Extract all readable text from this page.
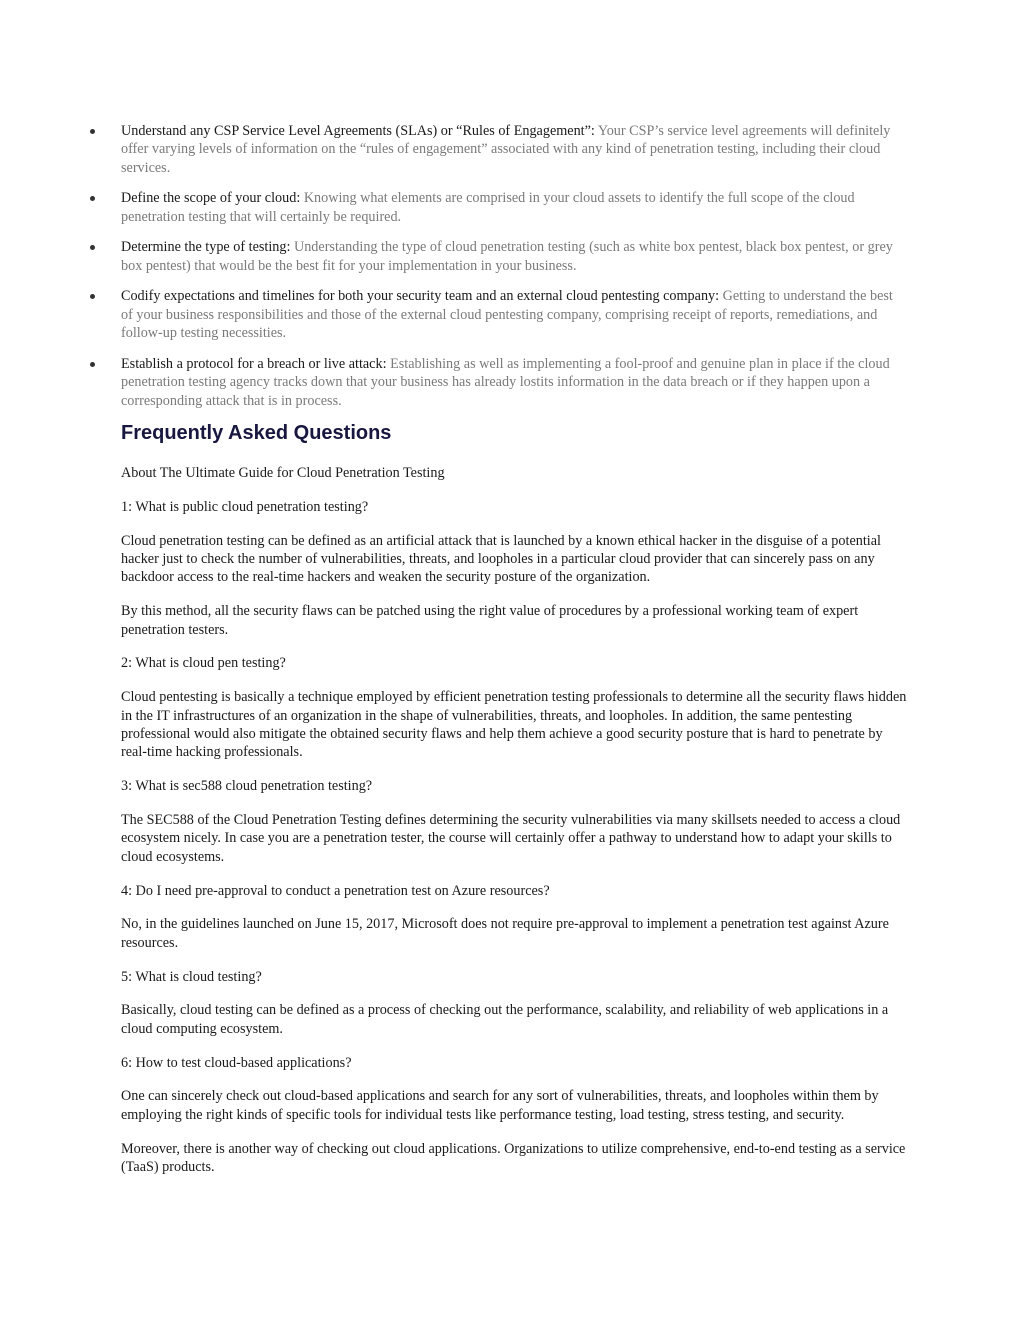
Understand any CSP Service Level Agreements (SLAs) or “Rules of Engagement”: Your CSP’s service level agreements will definitely offer varying levels of information on the “rules of engagement” associated with any kind of penetration testing, including their cloud services.
Define the scope of your cloud: Knowing what elements are comprised in your cloud assets to identify the full scope of the cloud penetration testing that will certainly be required.
Determine the type of testing: Understanding the type of cloud penetration testing (such as white box pentest, black box pentest, or grey box pentest) that would be the best fit for your implementation in your business.
Codify expectations and timelines for both your security team and an external cloud pentesting company: Getting to understand the best of your business responsibilities and those of the external cloud pentesting company, comprising receipt of reports, remediations, and follow-up testing necessities.
Establish a protocol for a breach or live attack: Establishing as well as implementing a fool-proof and genuine plan in place if the cloud penetration testing agency tracks down that your business has already lostits information in the data breach or if they happen upon a corresponding attack that is in process.
Frequently Asked Questions

About The Ultimate Guide for Cloud Penetration Testing

1: What is public cloud penetration testing?

Cloud penetration testing can be defined as an artificial attack that is launched by a known ethical hacker in the disguise of a potential hacker just to check the number of vulnerabilities, threats, and loopholes in a particular cloud provider that can sincerely pass on any backdoor access to the real-time hackers and weaken the security posture of the organization.

By this method, all the security flaws can be patched using the right value of procedures by a professional working team of expert penetration testers.

2: What is cloud pen testing?

Cloud pentesting is basically a technique employed by efficient penetration testing professionals to determine all the security flaws hidden in the IT infrastructures of an organization in the shape of vulnerabilities, threats, and loopholes. In addition, the same pentesting professional would also mitigate the obtained security flaws and help them achieve a good security posture that is hard to penetrate by real-time hacking professionals.

3: What is sec588 cloud penetration testing?

The SEC588 of the Cloud Penetration Testing defines determining the security vulnerabilities via many skillsets needed to access a cloud ecosystem nicely. In case you are a penetration tester, the course will certainly offer a pathway to understand how to adapt your skills to cloud ecosystems.

4: Do I need pre-approval to conduct a penetration test on Azure resources?

No, in the guidelines launched on June 15, 2017, Microsoft does not require pre-approval to implement a penetration test against Azure resources.

5: What is cloud testing?

Basically, cloud testing can be defined as a process of checking out the performance, scalability, and reliability of web applications in a cloud computing ecosystem.

6: How to test cloud-based applications?

One can sincerely check out cloud-based applications and search for any sort of vulnerabilities, threats, and loopholes within them by employing the right kinds of specific tools for individual tests like performance testing, load testing, stress testing, and security.

Moreover, there is another way of checking out cloud applications. Organizations to utilize comprehensive, end-to-end testing as a service (TaaS) products.
